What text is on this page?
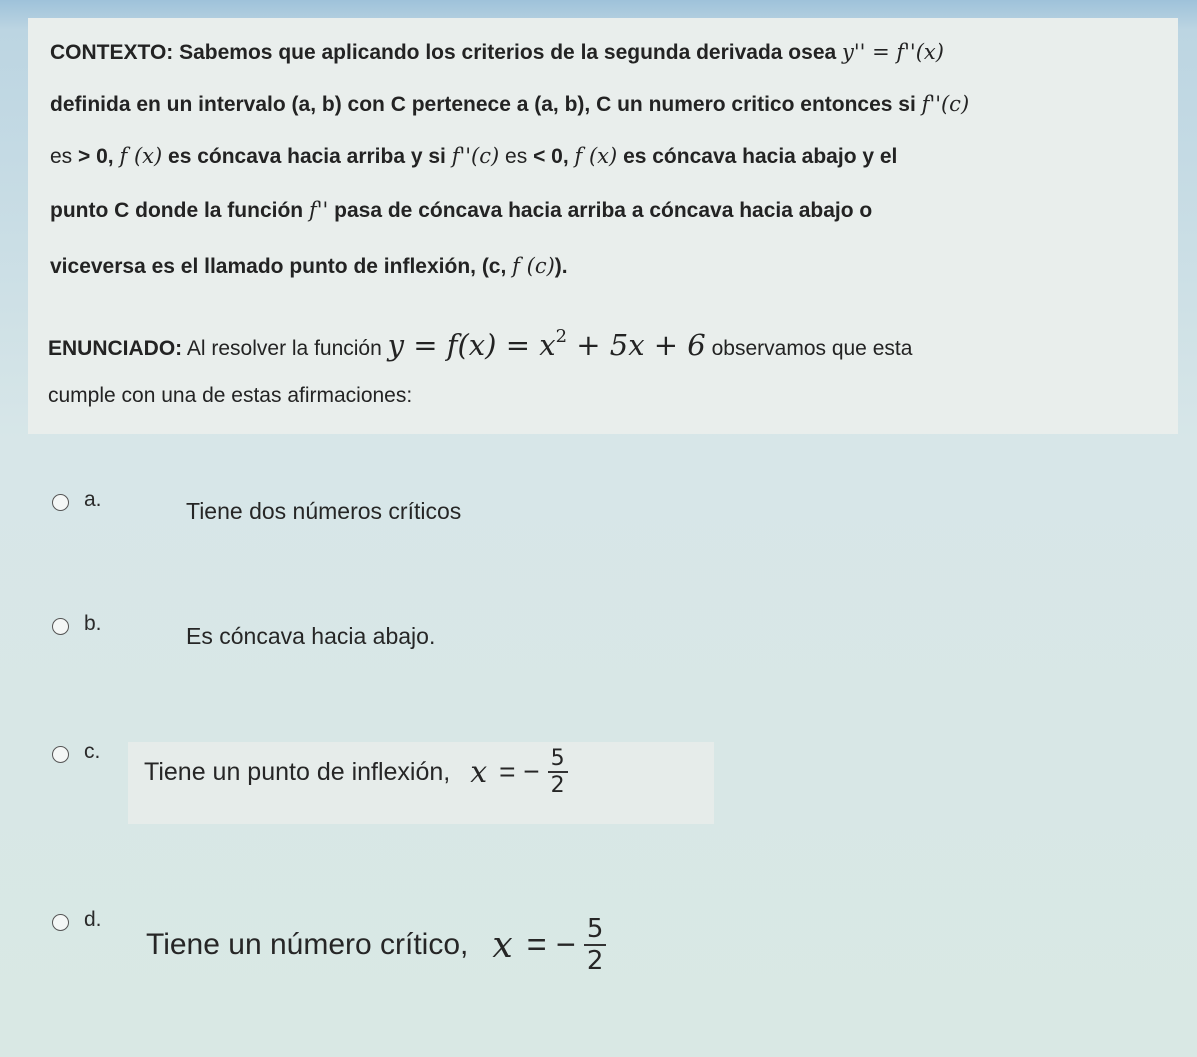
CONTEXTO: Sabemos que aplicando los criterios de la segunda derivada osea y'' = f''(x)
definida en un intervalo (a, b) con C pertenece a (a, b), C un numero critico entonces si f''(c)
es > 0, f (x) es cóncava hacia arriba y si f''(c) es < 0, f (x) es cóncava hacia abajo y el
punto C donde la función f'' pasa de cóncava hacia arriba a cóncava hacia abajo o
viceversa es el llamado punto de inflexión, (c, f (c)).
ENUNCIADO: Al resolver la función $y = f(x) = x^2 + 5x + 6$ observamos que esta
cumple con una de estas afirmaciones:
a.	Tiene dos números críticos
b.	Es cóncava hacia abajo.
c.
Tiene un punto de inflexión, x = − $\frac{5}{2}$
d.
Tiene un número crítico, x = − $\frac{5}{2}$
